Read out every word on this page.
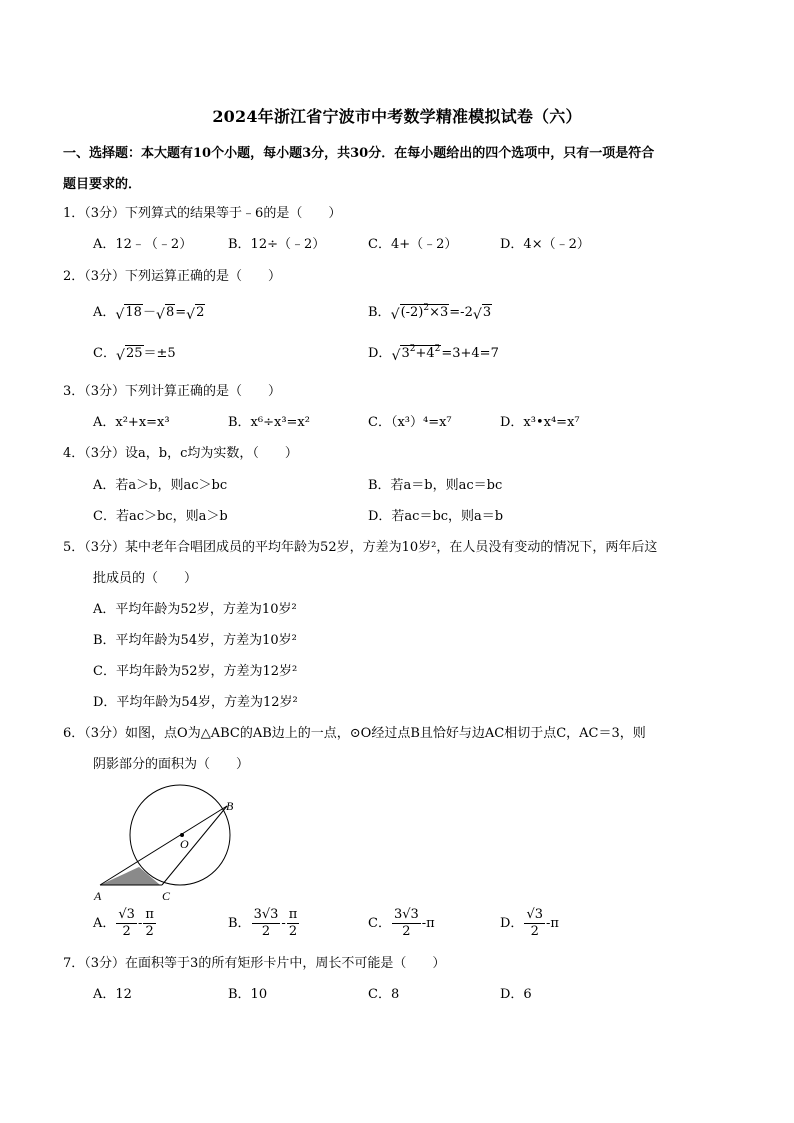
2024年浙江省宁波市中考数学精准模拟试卷（六）
一、选择题：本大题有10个小题，每小题3分，共30分．在每小题给出的四个选项中，只有一项是符合
题目要求的．
1．（3分）下列算式的结果等于﹣6的是（　　）
A．12﹣（﹣2）	B．12÷（﹣2）	C．4+（﹣2）	D．4×（﹣2）
2．（3分）下列运算正确的是（　　）
A． √ 18－ √ 8= √ 2	B． √ $(-2)^2\times 3=-2$ √ 3
C． √ 25＝±5	D． √ $3^2+4^2=3+4=7$
3．（3分）下列计算正确的是（　　）
A．x²+x=x³	B．x⁶÷x³=x²	C．（x³）⁴=x⁷	D．x³•x⁴=x⁷
4．（3分）设a，b，c均为实数，（　　）
A．若a＞b，则ac＞bc	B．若a＝b，则ac＝bc
C．若ac＞bc，则a＞b	D．若ac＝bc，则a＝b
5．（3分）某中老年合唱团成员的平均年龄为52岁，方差为10岁²，在人员没有变动的情况下，两年后这
批成员的（　　）
A．平均年龄为52岁，方差为10岁²
B．平均年龄为54岁，方差为10岁²
C．平均年龄为52岁，方差为12岁²
D．平均年龄为54岁，方差为12岁²
6．（3分）如图，点O为△ABC的AB边上的一点，⊙O经过点B且恰好与边AC相切于点C，AC＝3，则
阴影部分的面积为（　　）
A
B
C
O
A． $\frac{√3}{2} - \frac{\pi}{2}$	B． $\frac{3√3}{2} - \frac{\pi}{2}$	C． $\frac{3√3}{2} -\pi$	D． $\frac{√3}{2} -\pi$
7．（3分）在面积等于3的所有矩形卡片中，周长不可能是（　　）
A．12	B．10	C．8	D．6
